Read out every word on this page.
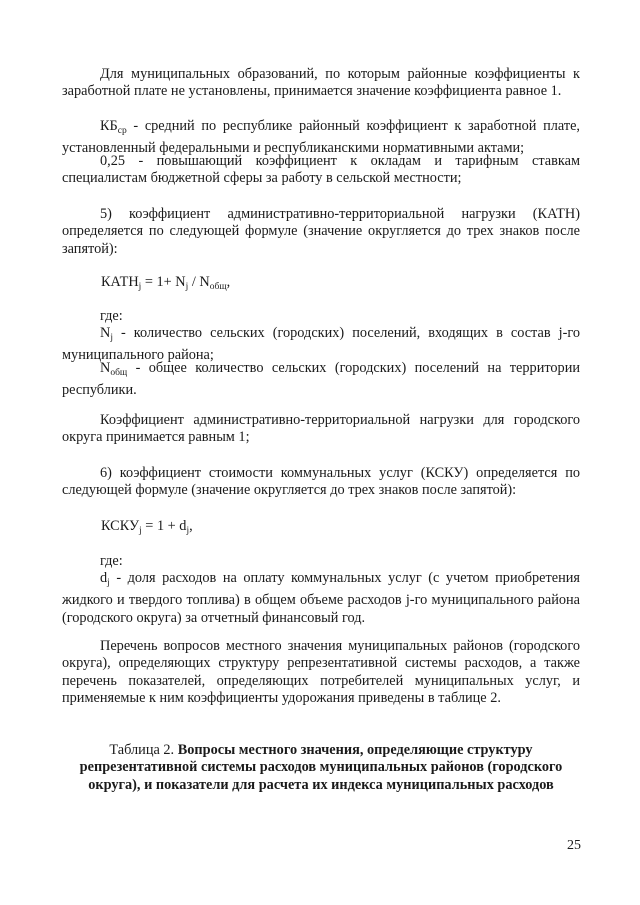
Для муниципальных образований, по которым районные коэффициенты к заработной плате не установлены, принимается значение коэффициента равное 1.
$КБ_{ср}$ - средний по республике районный коэффициент к заработной плате, установленный федеральными и республиканскими нормативными актами;
0,25 - повышающий коэффициент к окладам и тарифным ставкам специалистам бюджетной сферы за работу в сельской местности;
5) коэффициент административно-территориальной нагрузки (КАТН) определяется по следующей формуле (значение округляется до трех знаков после запятой):
$КАТН_j = 1+ N_j / N_{общ}$,
где:
$N_j$ - количество сельских (городских) поселений, входящих в состав j-го муниципального района;
$N_{общ}$ - общее количество сельских (городских) поселений на территории республики.
Коэффициент административно-территориальной нагрузки для городского округа принимается равным 1;
6) коэффициент стоимости коммунальных услуг (КСКУ) определяется по следующей формуле (значение округляется до трех знаков после запятой):
$КСКУ_j = 1 + d_j$,
где:
$d_j$ - доля расходов на оплату коммунальных услуг (с учетом приобретения жидкого и твердого топлива) в общем объеме расходов j-го муниципального района (городского округа) за отчетный финансовый год.
Перечень вопросов местного значения муниципальных районов (городского округа), определяющих структуру репрезентативной системы расходов, а также перечень показателей, определяющих потребителей муниципальных услуг, и применяемые к ним коэффициенты удорожания приведены в таблице 2.
Таблица 2. Вопросы местного значения, определяющие структуру репрезентативной системы расходов муниципальных районов (городского округа), и показатели для расчета их индекса муниципальных расходов
25
